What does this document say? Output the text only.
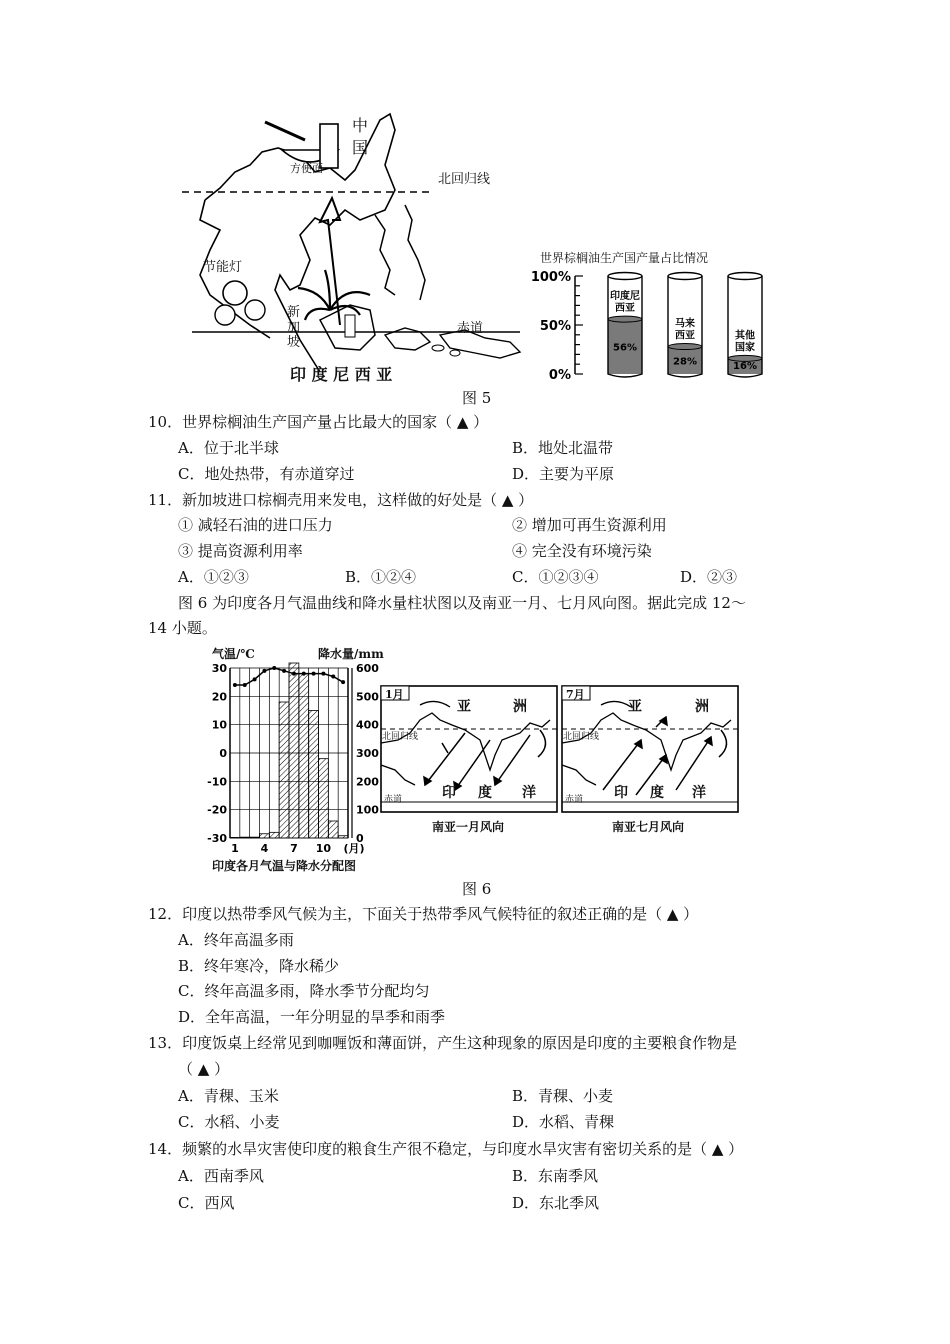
中
国
方便面
北回归线
节能灯
新
加
坡
赤道
印 度 尼 西 亚
世界棕榈油生产国产量占比情况
100%
50%
0%
印度尼
西亚
56%
马来
西亚
28%
其他
国家
16%
图 5
10．世界棕榈油生产国产量占比最大的国家（ ▲ ）
A．位于北半球	B．地处北温带
C．地处热带，有赤道穿过	D．主要为平原
11．新加坡进口棕榈壳用来发电，这样做的好处是（ ▲ ）
① 减轻石油的进口压力	② 增加可再生资源利用
③ 提高资源利用率	④ 完全没有环境污染
A．①②③	B．①②④	C．①②③④	D．②③
图 6 为印度各月气温曲线和降水量柱状图以及南亚一月、七月风向图。据此完成 12～
14 小题。
气温/℃	降水量/mm
30
20
10
0
-10
-20
-30
600
500
400
300
200
100
0
1 4 7 10 (月)
印度各月气温与降水分配图
1月
亚	洲
北回归线
赤道	印 度 洋
南亚一月风向
7月
亚	洲
北回归线
赤道 印 度 洋
南亚七月风向
图 6
12．印度以热带季风气候为主，下面关于热带季风气候特征的叙述正确的是（ ▲ ）
A．终年高温多雨
B．终年寒冷，降水稀少
C．终年高温多雨，降水季节分配均匀
D．全年高温，一年分明显的旱季和雨季
13．印度饭桌上经常见到咖喱饭和薄面饼，产生这种现象的原因是印度的主要粮食作物是
（ ▲ ）
A．青稞、玉米	B．青稞、小麦
C．水稻、小麦	D．水稻、青稞
14．频繁的水旱灾害使印度的粮食生产很不稳定，与印度水旱灾害有密切关系的是（ ▲ ）
A．西南季风	B．东南季风
C．西风	D．东北季风
